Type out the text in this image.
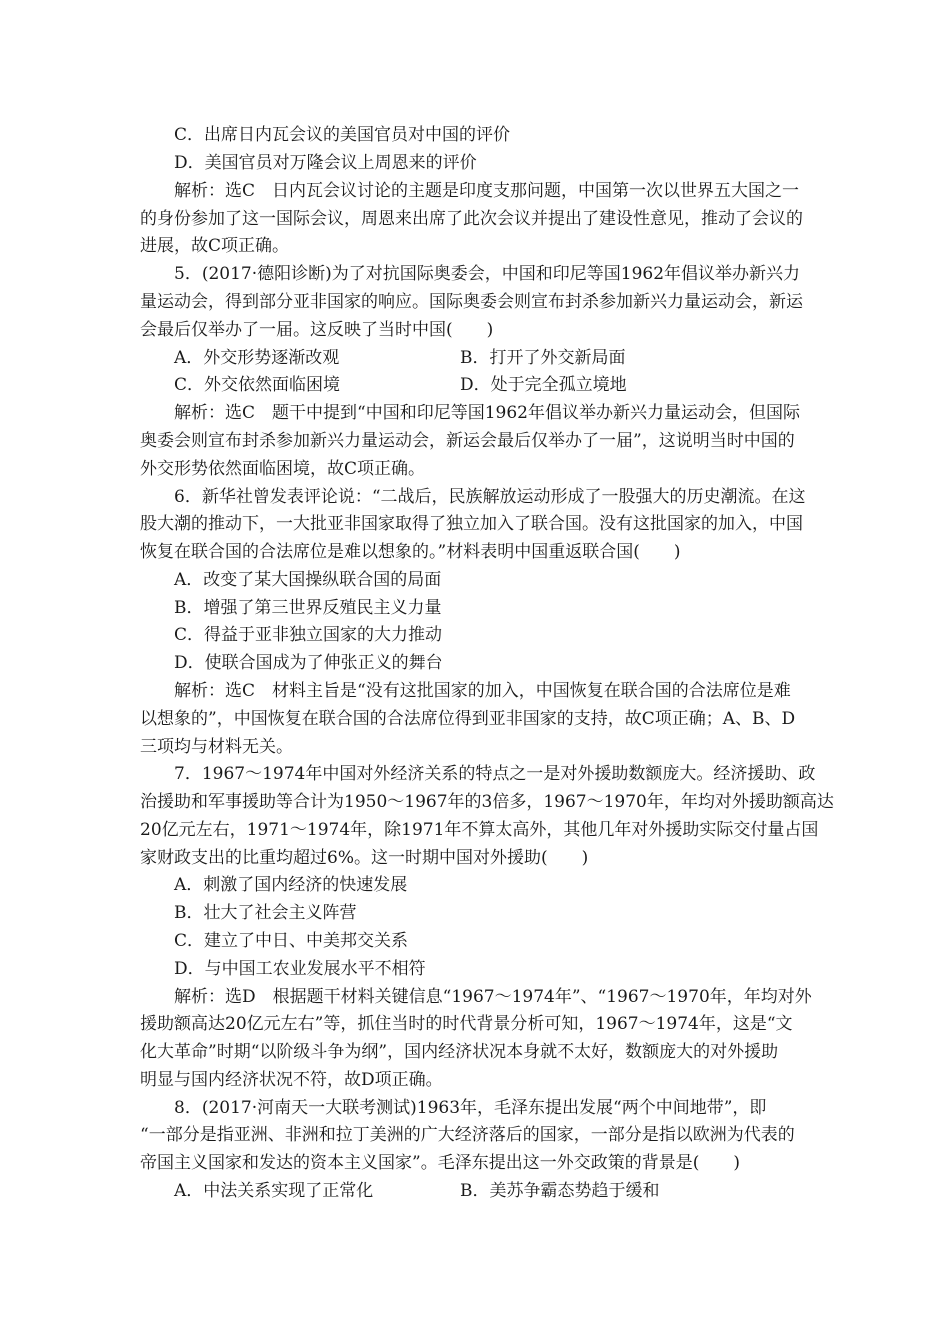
C．出席日内瓦会议的美国官员对中国的评价
D．美国官员对万隆会议上周恩来的评价
解析：选C　日内瓦会议讨论的主题是印度支那问题，中国第一次以世界五大国之一
的身份参加了这一国际会议，周恩来出席了此次会议并提出了建设性意见，推动了会议的
进展，故C项正确。
5．(2017·德阳诊断)为了对抗国际奥委会，中国和印尼等国1962年倡议举办新兴力
量运动会，得到部分亚非国家的响应。国际奥委会则宣布封杀参加新兴力量运动会，新运
会最后仅举办了一届。这反映了当时中国(　　)
A．外交形势逐渐改观	B．打开了外交新局面
C．外交依然面临困境	D．处于完全孤立境地
解析：选C　题干中提到“中国和印尼等国1962年倡议举办新兴力量运动会，但国际
奥委会则宣布封杀参加新兴力量运动会，新运会最后仅举办了一届”，这说明当时中国的
外交形势依然面临困境，故C项正确。
6．新华社曾发表评论说：“二战后，民族解放运动形成了一股强大的历史潮流。在这
股大潮的推动下，一大批亚非国家取得了独立加入了联合国。没有这批国家的加入，中国
恢复在联合国的合法席位是难以想象的。”材料表明中国重返联合国(　　)
A．改变了某大国操纵联合国的局面
B．增强了第三世界反殖民主义力量
C．得益于亚非独立国家的大力推动
D．使联合国成为了伸张正义的舞台
解析：选C　材料主旨是“没有这批国家的加入，中国恢复在联合国的合法席位是难
以想象的”，中国恢复在联合国的合法席位得到亚非国家的支持，故C项正确；A、B、D
三项均与材料无关。
7．1967～1974年中国对外经济关系的特点之一是对外援助数额庞大。经济援助、政
治援助和军事援助等合计为1950～1967年的3倍多，1967～1970年，年均对外援助额高达
20亿元左右，1971～1974年，除1971年不算太高外，其他几年对外援助实际交付量占国
家财政支出的比重均超过6%。这一时期中国对外援助(　　)
A．刺激了国内经济的快速发展
B．壮大了社会主义阵营
C．建立了中日、中美邦交关系
D．与中国工农业发展水平不相符
解析：选D　根据题干材料关键信息“1967～1974年”、“1967～1970年，年均对外
援助额高达20亿元左右”等，抓住当时的时代背景分析可知，1967～1974年，这是“文
化大革命”时期“以阶级斗争为纲”，国内经济状况本身就不太好，数额庞大的对外援助
明显与国内经济状况不符，故D项正确。
8．(2017·河南天一大联考测试)1963年，毛泽东提出发展“两个中间地带”，即
“一部分是指亚洲、非洲和拉丁美洲的广大经济落后的国家，一部分是指以欧洲为代表的
帝国主义国家和发达的资本主义国家”。毛泽东提出这一外交政策的背景是(　　)
A．中法关系实现了正常化	B．美苏争霸态势趋于缓和
